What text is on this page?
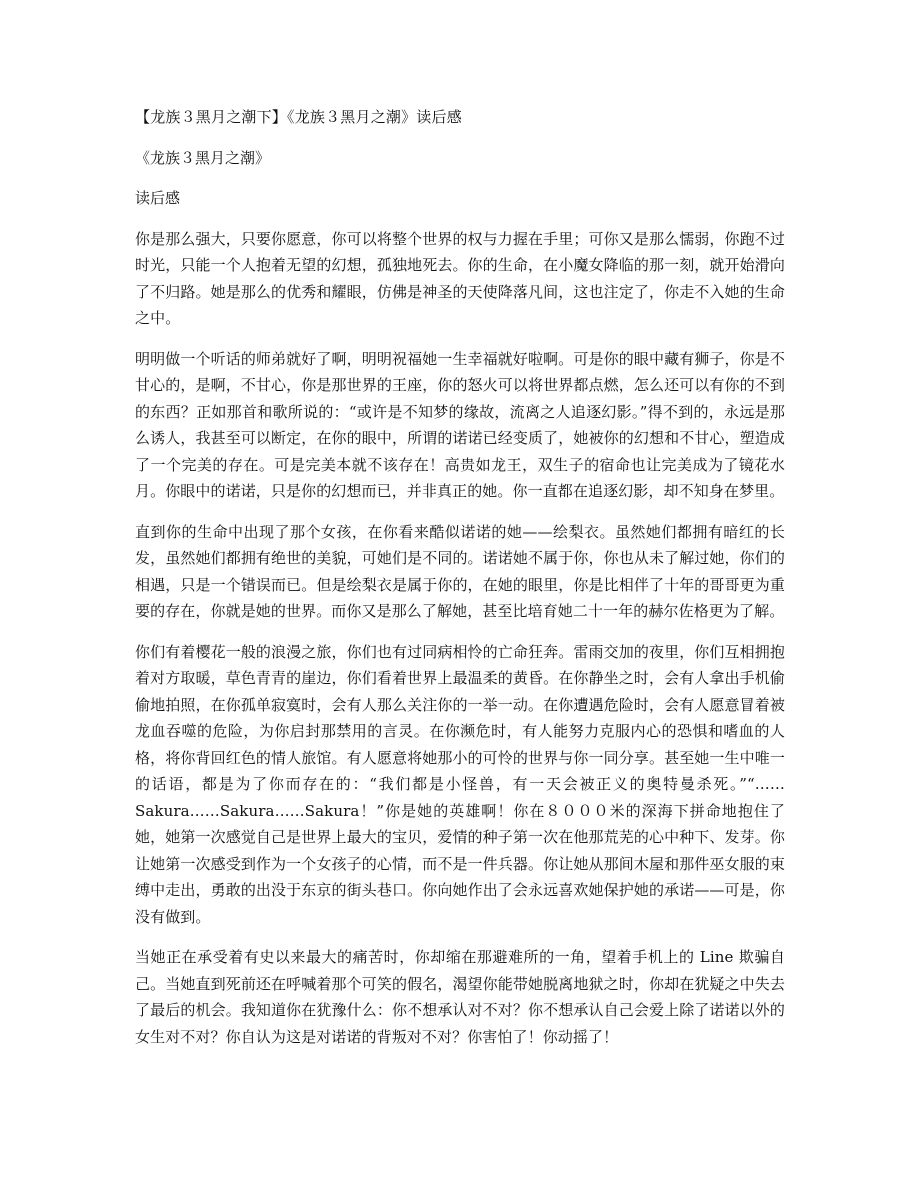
【龙族３黑月之潮下】《龙族３黑月之潮》读后感
《龙族３黑月之潮》
读后感

你是那么强大，只要你愿意，你可以将整个世界的权与力握在手里；可你又是那么懦弱，你跑不过时光，只能一个人抱着无望的幻想，孤独地死去。你的生命，在小魔女降临的那一刻，就开始滑向了不归路。她是那么的优秀和耀眼，仿佛是神圣的天使降落凡间，这也注定了，你走不入她的生命之中。

明明做一个听话的师弟就好了啊，明明祝福她一生幸福就好啦啊。可是你的眼中藏有狮子，你是不甘心的，是啊，不甘心，你是那世界的王座，你的怒火可以将世界都点燃，怎么还可以有你的不到的东西？正如那首和歌所说的：“或许是不知梦的缘故，流离之人追逐幻影。”得不到的，永远是那么诱人，我甚至可以断定，在你的眼中，所谓的诺诺已经变质了，她被你的幻想和不甘心，塑造成了一个完美的存在。可是完美本就不该存在！高贵如龙王，双生子的宿命也让完美成为了镜花水月。你眼中的诺诺，只是你的幻想而已，并非真正的她。你一直都在追逐幻影，却不知身在梦里。

直到你的生命中出现了那个女孩，在你看来酷似诺诺的她——绘梨衣。虽然她们都拥有暗红的长发，虽然她们都拥有绝世的美貌，可她们是不同的。诺诺她不属于你，你也从未了解过她，你们的相遇，只是一个错误而已。但是绘梨衣是属于你的，在她的眼里，你是比相伴了十年的哥哥更为重要的存在，你就是她的世界。而你又是那么了解她，甚至比培育她二十一年的赫尔佐格更为了解。

你们有着樱花一般的浪漫之旅，你们也有过同病相怜的亡命狂奔。雷雨交加的夜里，你们互相拥抱着对方取暖，草色青青的崖边，你们看着世界上最温柔的黄昏。在你静坐之时，会有人拿出手机偷偷地拍照，在你孤单寂寞时，会有人那么关注你的一举一动。在你遭遇危险时，会有人愿意冒着被龙血吞噬的危险，为你启封那禁用的言灵。在你濒危时，有人能努力克服内心的恐惧和嗜血的人格，将你背回红色的情人旅馆。有人愿意将她那小的可怜的世界与你一同分享。甚至她一生中唯一的话语，都是为了你而存在的：“我们都是小怪兽，有一天会被正义的奥特曼杀死。”“……Sakura……Sakura……Sakura！”你是她的英雄啊！你在８０００米的深海下拼命地抱住了她，她第一次感觉自己是世界上最大的宝贝，爱情的种子第一次在他那荒芜的心中种下、发芽。你让她第一次感受到作为一个女孩子的心情，而不是一件兵器。你让她从那间木屋和那件巫女服的束缚中走出，勇敢的出没于东京的街头巷口。你向她作出了会永远喜欢她保护她的承诺——可是，你没有做到。

当她正在承受着有史以来最大的痛苦时，你却缩在那避难所的一角，望着手机上的 Line 欺骗自己。当她直到死前还在呼喊着那个可笑的假名，渴望你能带她脱离地狱之时，你却在犹疑之中失去了最后的机会。我知道你在犹豫什么：你不想承认对不对？你不想承认自己会爱上除了诺诺以外的女生对不对？你自认为这是对诺诺的背叛对不对？你害怕了！你动摇了！
